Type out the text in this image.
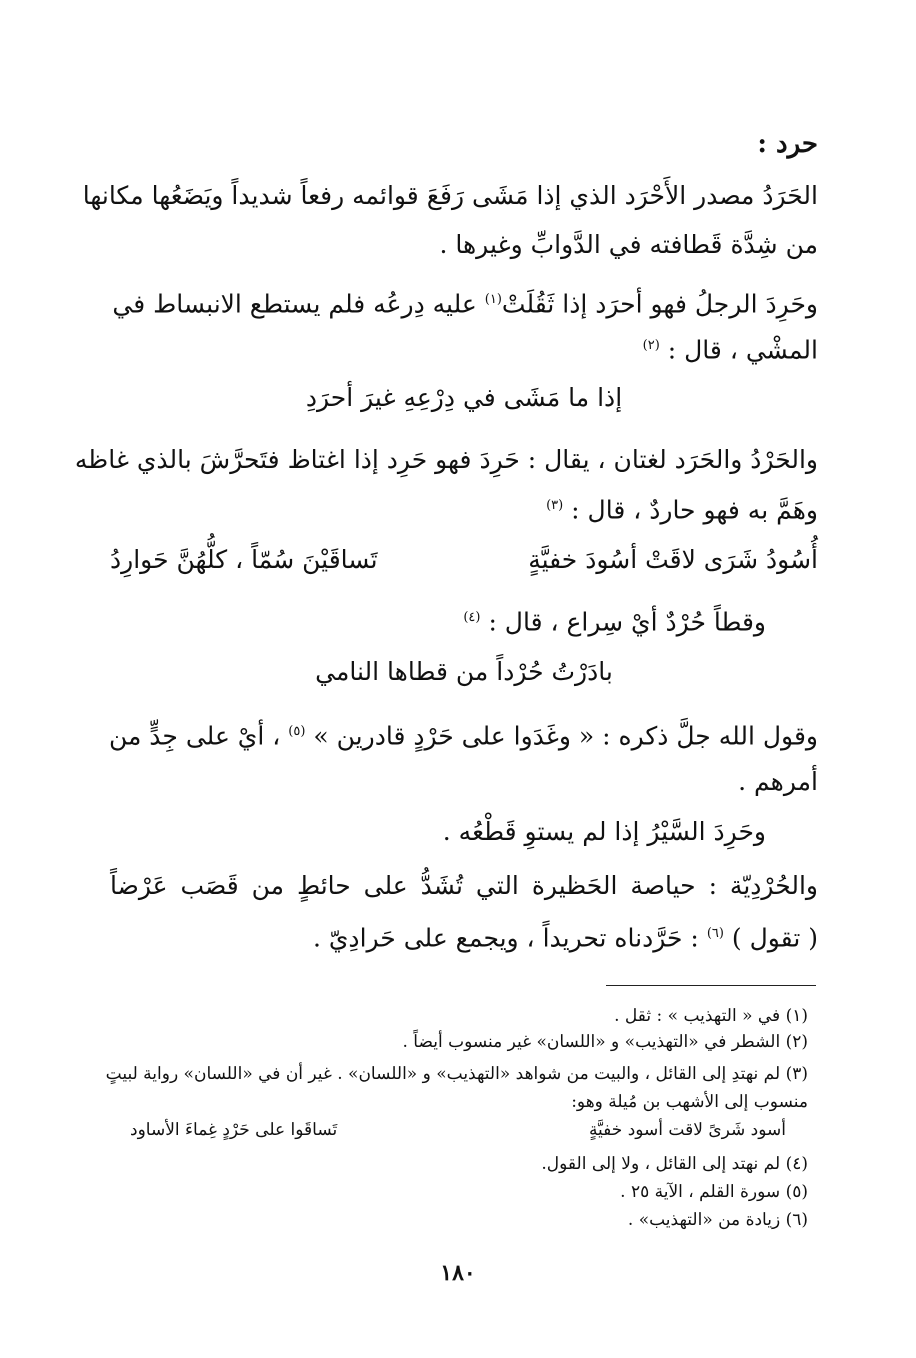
حرد :
الحَرَدُ مصدر الأَحْرَد الذي إذا مَشَى رَفَعَ قوائمه رفعاً شديداً ويَضَعُها مكانها
من شِدَّة قَطافته في الدَّوابِّ وغيرها .
وحَرِدَ الرجلُ فهو أحرَد إذا ثَقُلَتْ$^{(١)}$ عليه دِرعُه فلم يستطع الانبساط في
المشْي ، قال : $^{(٢)}$
إذا ما مَشَى في دِرْعِهِ غيرَ أحرَدِ
والحَرْدُ والحَرَد لغتان ، يقال : حَرِدَ فهو حَرِد إذا اغتاظ فتَحرَّشَ بالذي غاظه
وهَمَّ به فهو حاردٌ ، قال : $^{(٣)}$
أُسُودُ شَرَى لاقَتْ أسُودَ خفيَّةٍ
تَساقَيْنَ سُمّاً ، كلُّهُنَّ حَوارِدُ
وقطاً حُرْدٌ أيْ سِراع ، قال : $^{(٤)}$
بادَرْتُ حُرْداً من قطاها النامي
وقول الله جلَّ ذكره : « وغَدَوا على حَرْدٍ قادرين » $^{(٥)}$ ، أيْ على جِدٍّ من
أمرهم .
وحَرِدَ السَّيْرُ إذا لم يستوِ قَطْعُه .
والحُرْدِيّة : حياصة الحَظيرة التي تُشَدُّ على حائطٍ من قَصَب عَرْضاً
( تقول ) $^{(٦)}$ : حَرَّدناه تحريداً ، ويجمع على حَرادِيّ .
(١) في « التهذيب » : ثقل .
(٢) الشطر في «التهذيب» و «اللسان» غير منسوب أيضاً .
(٣) لم نهتدِ إلى القائل ، والبيت من شواهد «التهذيب» و «اللسان» . غير أن في «اللسان» رواية لبيتٍ
منسوب إلى الأشهب بن مُيلة وهو:
أسود شَرىً لاقت أسود خفيَّةٍ
تَساقَوا على حَرْدٍ غِماءَ الأساود
(٤) لم نهتد إلى القائل ، ولا إلى القول.
(٥) سورة القلم ، الآية ٢٥ .
(٦) زيادة من «التهذيب» .
١٨٠
